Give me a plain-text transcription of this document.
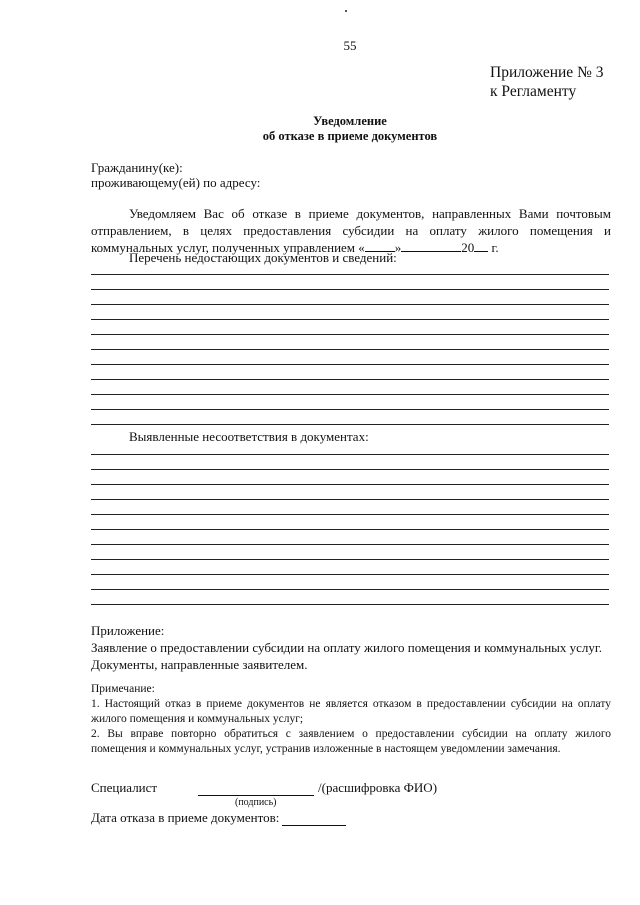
55
Приложение № 3
к Регламенту
Уведомление
об отказе в приеме документов
Гражданину(ке):
проживающему(ей) по адресу:
Уведомляем Вас об отказе в приеме документов, направленных Вами почтовым отправлением, в целях предоставления субсидии на оплату жилого помещения и коммунальных услуг, полученных управлением « »	20 г.
Перечень недостающих документов и сведений:
Выявленные несоответствия в документах:
Приложение:
Заявление о предоставлении субсидии на оплату жилого помещения и коммунальных услуг.
Документы, направленные заявителем.
Примечание:
1. Настоящий отказ в приеме документов не является отказом в предоставлении субсидии на оплату жилого помещения и коммунальных услуг;
2. Вы вправе повторно обратиться с заявлением о предоставлении субсидии на оплату жилого помещения и коммунальных услуг, устранив изложенные в настоящем уведомлении замечания.
Специалист	/(расшифровка ФИО)
(подпись)
Дата отказа в приеме документов:
